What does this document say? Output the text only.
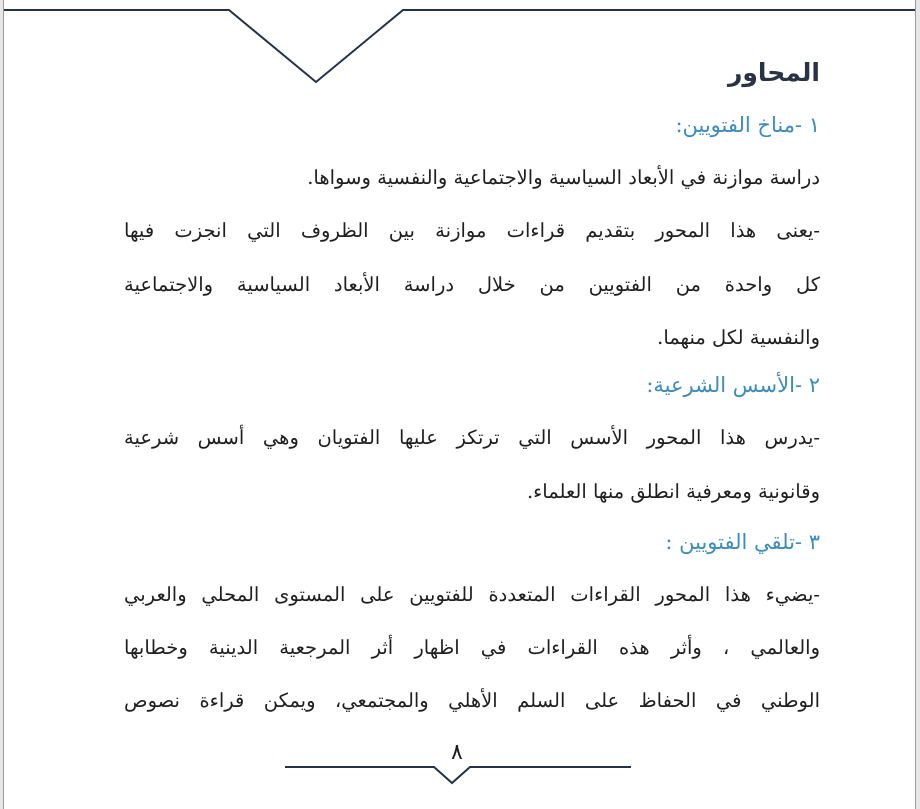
المحاور
١ -مناخ الفتويين:
دراسة موازنة في الأبعاد السياسية والاجتماعية والنفسية وسواها.
-يعنى هذا المحور بتقديم قراءات موازنة بين الظروف التي انجزت فيها
كل واحدة من الفتويين من خلال دراسة الأبعاد السياسية والاجتماعية
والنفسية لكل منهما.
٢ -الأسس الشرعية:
-يدرس هذا المحور الأسس التي ترتكز عليها الفتويان وهي أسس شرعية
وقانونية ومعرفية انطلق منها العلماء.
٣ -تلقي الفتويين :
-يضيء هذا المحور القراءات المتعددة للفتويين على المستوى المحلي والعربي
والعالمي ، وأثر هذه القراءات في اظهار أثر المرجعية الدينية وخطابها
الوطني في الحفاظ على السلم الأهلي والمجتمعي، ويمكن قراءة نصوص
٨
